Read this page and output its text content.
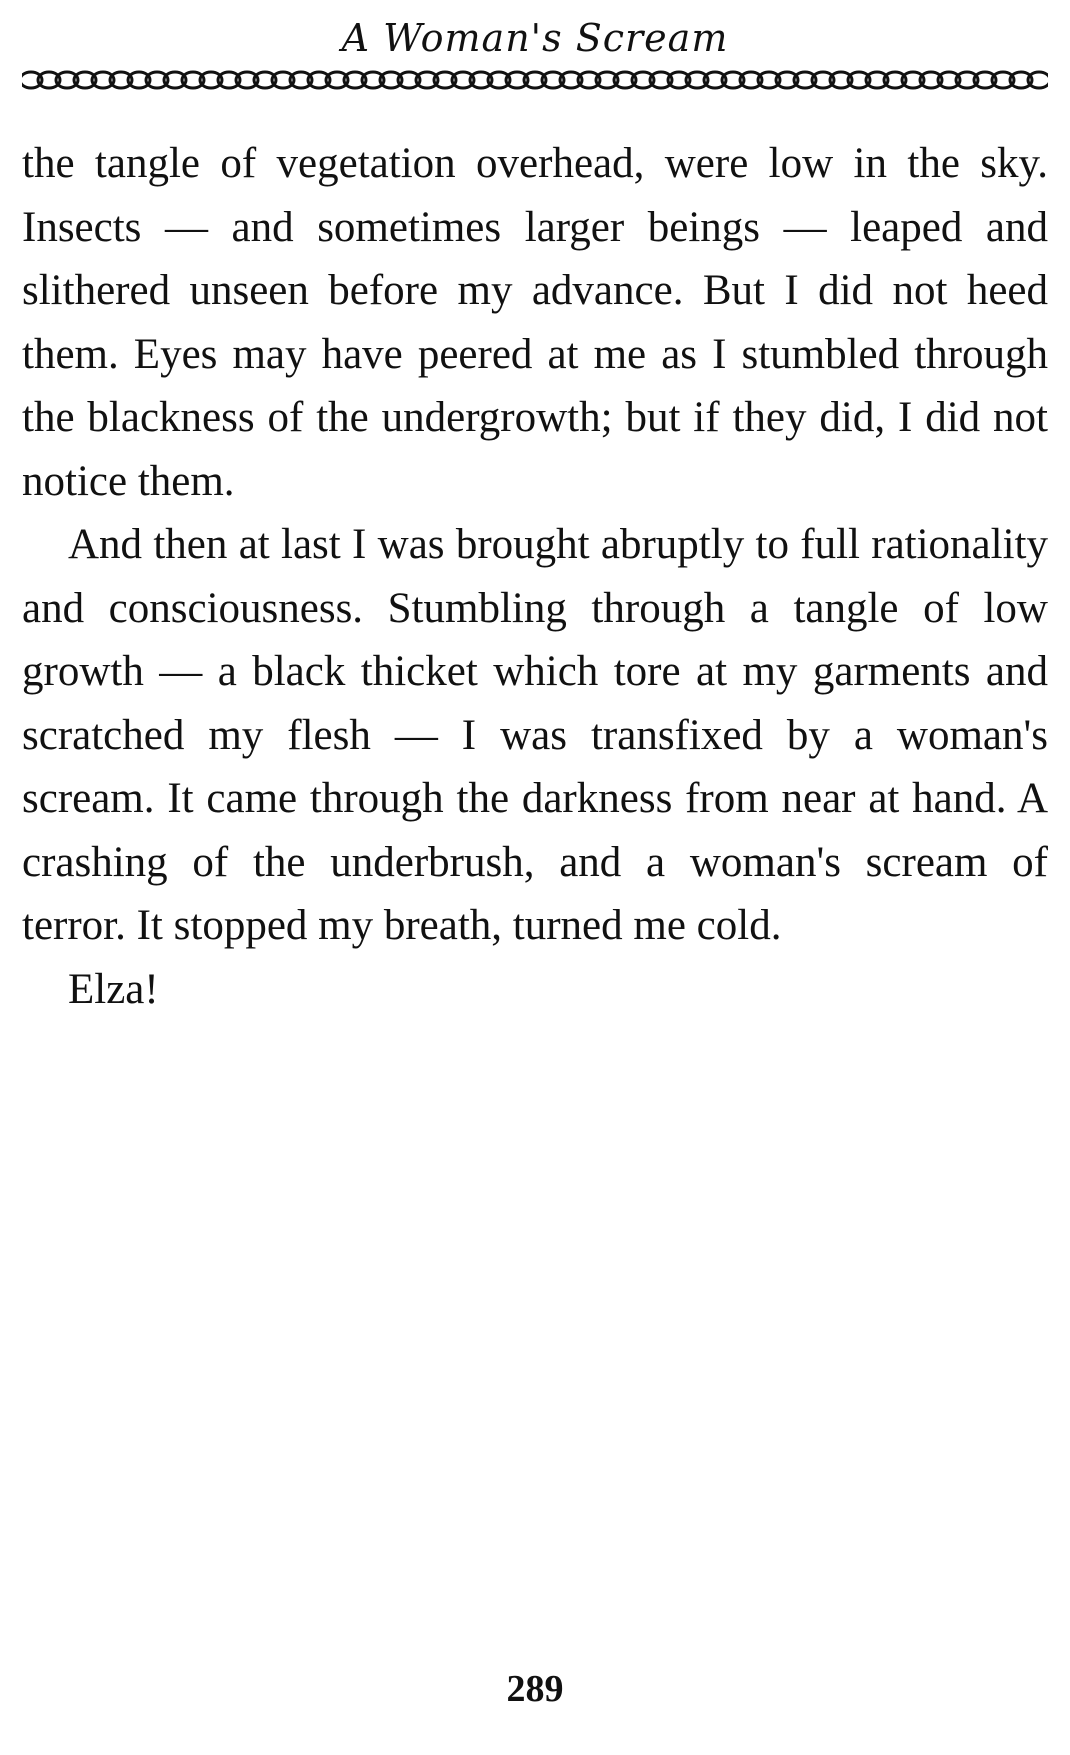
A Woman's Scream

the tangle of vegetation overhead, were low in the sky. Insects — and sometimes larger beings — leaped and slithered unseen before my advance. But I did not heed them. Eyes may have peered at me as I stumbled through the blackness of the undergrowth; but if they did, I did not notice them.

And then at last I was brought abruptly to full rationality and consciousness. Stumbling through a tangle of low growth — a black thicket which tore at my garments and scratched my flesh — I was transfixed by a woman's scream. It came through the darkness from near at hand. A crashing of the underbrush, and a woman's scream of terror. It stopped my breath, turned me cold.

Elza!

289
